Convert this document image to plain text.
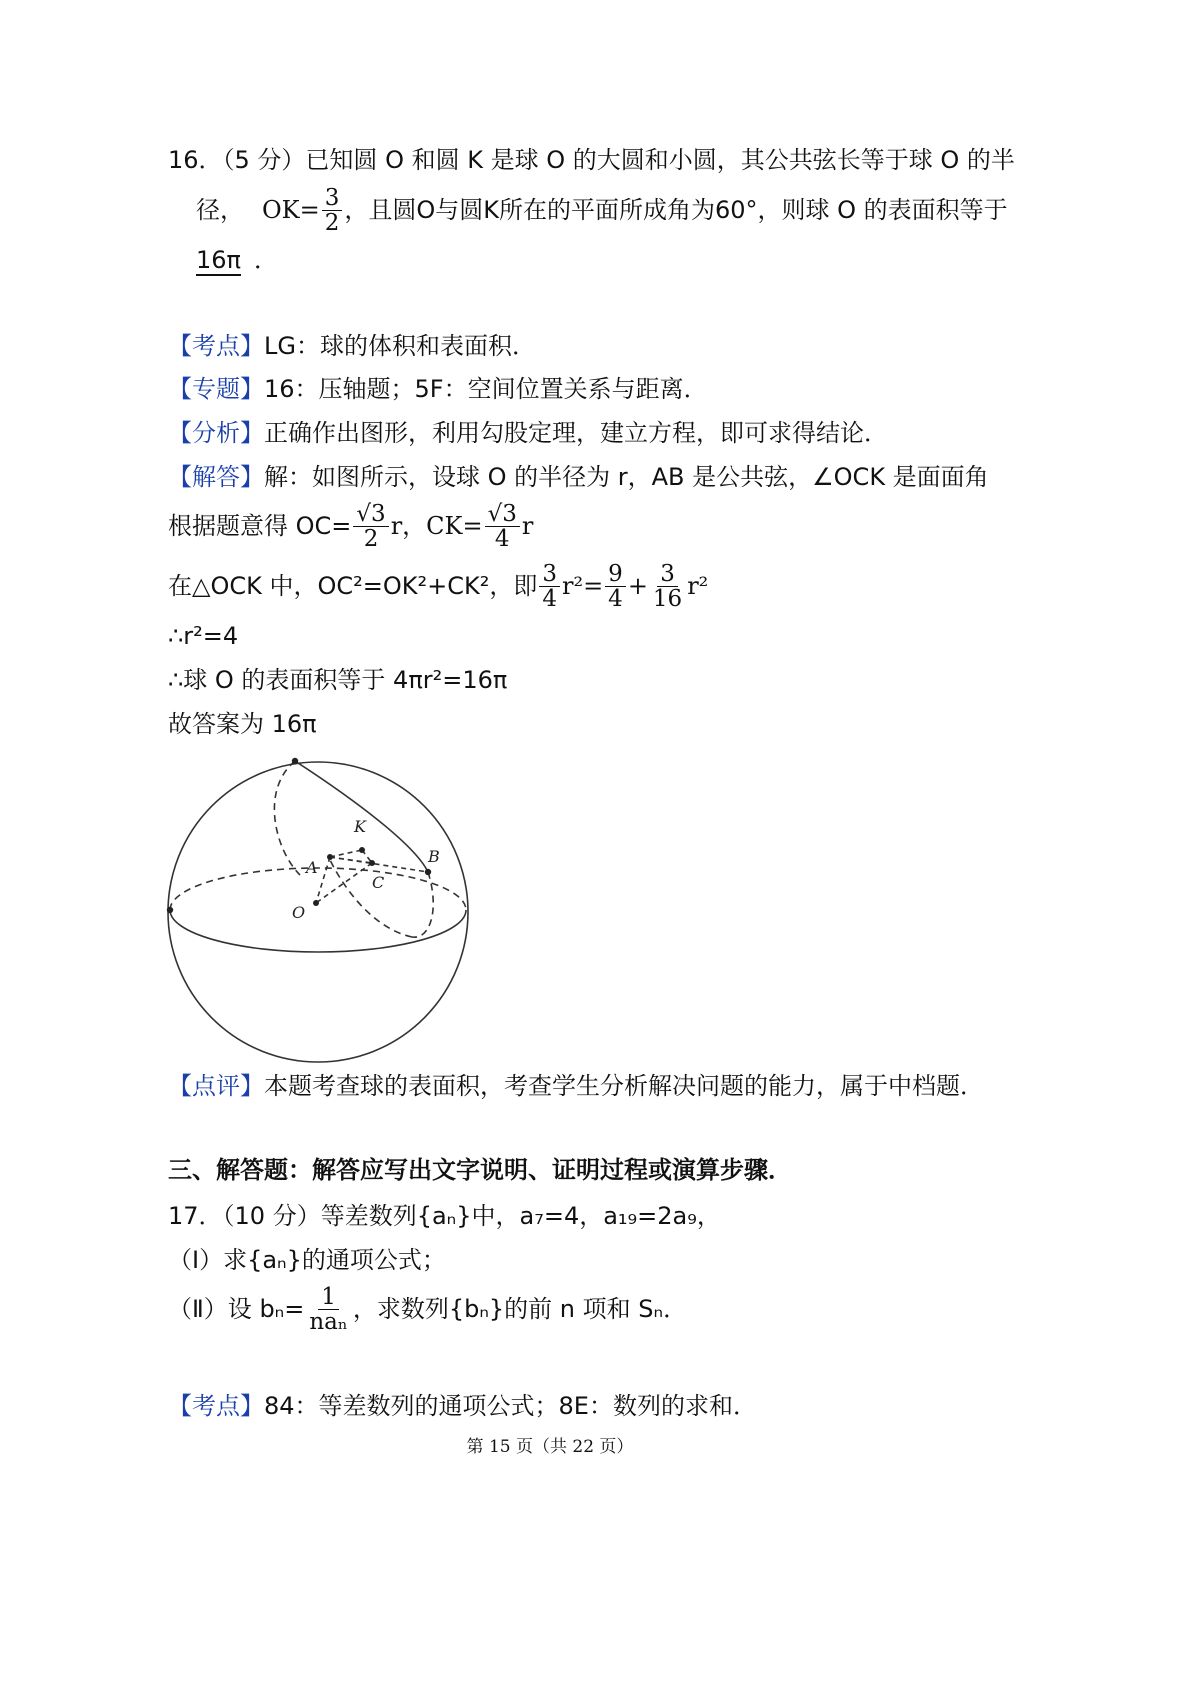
16．（5 分）已知圆 O 和圆 K 是球 O 的大圆和小圆，其公共弦长等于球 O 的半
径， $OK= \frac{3}{2}$ ，且圆O与圆K所在的平面所成角为60° ，则球 O 的表面积等于
16π ．
【考点】LG：球的体积和表面积．
【专题】16：压轴题；5F：空间位置关系与距离．
【分析】正确作出图形，利用勾股定理，建立方程，即可求得结论．
【解答】解：如图所示，设球 O 的半径为 r，AB 是公共弦，∠OCK 是面面角
根据题意得 $OC= \frac{√3}{2}$ r，$CK= \frac{√3}{4}$ r
在△OCK 中，OC²=OK²+CK²，即 $\frac{3}{4} r^2= \frac{9}{4} + \frac{3}{16} r^2$
∴r²=4
∴球 O 的表面积等于 4πr²=16π
故答案为 16π
K
A
C
B
O
【点评】本题考查球的表面积，考查学生分析解决问题的能力，属于中档题．
三、解答题：解答应写出文字说明、证明过程或演算步骤．
17．（10 分）等差数列{aₙ}中，a₇=4，a₁₉=2a₉，
（Ⅰ）求{aₙ}的通项公式；
（Ⅱ）设 $b_n= \frac{1}{\text{naₙ}}$ ，求数列{bₙ}的前 n 项和 Sₙ．
【考点】84：等差数列的通项公式；8E：数列的求和．
第 15 页（共 22 页）
